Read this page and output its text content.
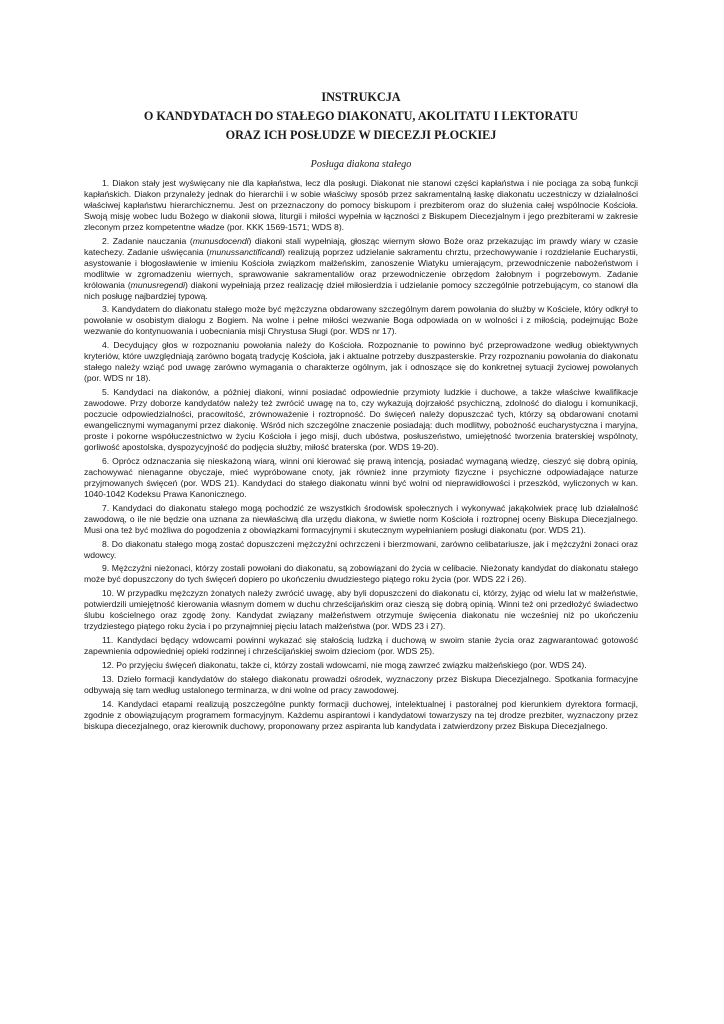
INSTRUKCJA
O KANDYDATACH DO STAŁEGO DIAKONATU, AKOLITATU I LEKTORATU
ORAZ ICH POSŁUDZE W DIECEZJI PŁOCKIEJ
Posługa diakona stałego

1. Diakon stały jest wyświęcany nie dla kapłaństwa, lecz dla posługi. Diakonat nie stanowi części kapłaństwa i nie pociąga za sobą funkcji kapłańskich. Diakon przynależy jednak do hierarchii i w sobie właściwy sposób przez sakramentalną łaskę diakonatu uczestniczy w działalności właściwej kapłaństwu hierarchicznemu. Jest on przeznaczony do pomocy biskupom i prezbiterom oraz do służenia całej wspólnocie Kościoła. Swoją misję wobec ludu Bożego w diakonii słowa, liturgii i miłości wypełnia w łączności z Biskupem Diecezjalnym i jego prezbiterami w zakresie zleconym przez kompetentne władze (por. KKK 1569-1571; WDS 8).

2. Zadanie nauczania (munusdocendi) diakoni stali wypełniają, głosząc wiernym słowo Boże oraz przekazując im prawdy wiary w czasie katechezy. Zadanie uświęcania (munussanctificandi) realizują poprzez udzielanie sakramentu chrztu, przechowywanie i rozdzielanie Eucharystii, asystowanie i błogosławienie w imieniu Kościoła związkom małżeńskim, zanoszenie Wiatyku umierającym, przewodniczenie nabożeństwom i modlitwie w zgromadzeniu wiernych, sprawowanie sakramentaliów oraz przewodniczenie obrzędom żałobnym i pogrzebowym. Zadanie królowania (munusregendi) diakoni wypełniają przez realizację dzieł miłosierdzia i udzielanie pomocy szczególnie potrzebującym, co stanowi dla nich posługę najbardziej typową.

3. Kandydatem do diakonatu stałego może być mężczyzna obdarowany szczególnym darem powołania do służby w Kościele, który odkrył to powołanie w osobistym dialogu z Bogiem. Na wolne i pełne miłości wezwanie Boga odpowiada on w wolności i z miłością, podejmując Boże wezwanie do kontynuowania i uobecniania misji Chrystusa Sługi (por. WDS nr 17).

4. Decydujący głos w rozpoznaniu powołania należy do Kościoła. Rozpoznanie to powinno być przeprowadzone według obiektywnych kryteriów, które uwzględniają zarówno bogatą tradycję Kościoła, jak i aktualne potrzeby duszpasterskie. Przy rozpoznaniu powołania do diakonatu stałego należy wziąć pod uwagę zarówno wymagania o charakterze ogólnym, jak i odnoszące się do konkretnej sytuacji życiowej powołanych (por. WDS nr 18).

5. Kandydaci na diakonów, a później diakoni, winni posiadać odpowiednie przymioty ludzkie i duchowe, a także właściwe kwalifikacje zawodowe. Przy doborze kandydatów należy też zwrócić uwagę na to, czy wykazują dojrzałość psychiczną, zdolność do dialogu i komunikacji, poczucie odpowiedzialności, pracowitość, zrównoważenie i roztropność. Do święceń należy dopuszczać tych, którzy są obdarowani cnotami ewangelicznymi wymaganymi przez diakonię. Wśród nich szczególne znaczenie posiadają: duch modlitwy, pobożność eucharystyczna i maryjna, proste i pokorne współuczestnictwo w życiu Kościoła i jego misji, duch ubóstwa, posłuszeństwo, umiejętność tworzenia braterskiej wspólnoty, gorliwość apostolska, dyspozycyjność do podjęcia służby, miłość braterska (por. WDS 19-20).

6. Oprócz odznaczania się nieskażoną wiarą, winni oni kierować się prawą intencją, posiadać wymaganą wiedzę, cieszyć się dobrą opinią, zachowywać nienaganne obyczaje, mieć wypróbowane cnoty, jak również inne przymioty fizyczne i psychiczne odpowiadające naturze przyjmowanych święceń (por. WDS 21). Kandydaci do stałego diakonatu winni być wolni od nieprawidłowości i przeszkód, wyliczonych w kan. 1040-1042 Kodeksu Prawa Kanonicznego.

7. Kandydaci do diakonatu stałego mogą pochodzić ze wszystkich środowisk społecznych i wykonywać jakąkolwiek pracę lub działalność zawodową, o ile nie będzie ona uznana za niewłaściwą dla urzędu diakona, w świetle norm Kościoła i roztropnej oceny Biskupa Diecezjalnego. Musi ona też być możliwa do pogodzenia z obowiązkami formacyjnymi i skutecznym wypełnianiem posługi diakonatu (por. WDS 21).

8. Do diakonatu stałego mogą zostać dopuszczeni mężczyźni ochrzczeni i bierzmowani, zarówno celibatariusze, jak i mężczyźni żonaci oraz wdowcy.

9. Mężczyźni nieżonaci, którzy zostali powołani do diakonatu, są zobowiązani do życia w celibacie. Nieżonaty kandydat do diakonatu stałego może być dopuszczony do tych święceń dopiero po ukończeniu dwudziestego piątego roku życia (por. WDS 22 i 26).

10. W przypadku mężczyzn żonatych należy zwrócić uwagę, aby byli dopuszczeni do diakonatu ci, którzy, żyjąc od wielu lat w małżeństwie, potwierdzili umiejętność kierowania własnym domem w duchu chrześcijańskim oraz cieszą się dobrą opinią. Winni też oni przedłożyć świadectwo ślubu kościelnego oraz zgodę żony. Kandydat związany małżeństwem otrzymuje święcenia diakonatu nie wcześniej niż po ukończeniu trzydziestego piątego roku życia i po przynajmniej pięciu latach małżeństwa (por. WDS 23 i 27).

11. Kandydaci będący wdowcami powinni wykazać się stałością ludzką i duchową w swoim stanie życia oraz zagwarantować gotowość zapewnienia odpowiedniej opieki rodzinnej i chrześcijańskiej swoim dzieciom (por. WDS 25).

12. Po przyjęciu święceń diakonatu, także ci, którzy zostali wdowcami, nie mogą zawrzeć związku małżeńskiego (por. WDS 24).

13. Dzieło formacji kandydatów do stałego diakonatu prowadzi ośrodek, wyznaczony przez Biskupa Diecezjalnego. Spotkania formacyjne odbywają się tam według ustalonego terminarza, w dni wolne od pracy zawodowej.

14. Kandydaci etapami realizują poszczególne punkty formacji duchowej, intelektualnej i pastoralnej pod kierunkiem dyrektora formacji, zgodnie z obowiązującym programem formacyjnym. Każdemu aspirantowi i kandydatowi towarzyszy na tej drodze prezbiter, wyznaczony przez biskupa diecezjalnego, oraz kierownik duchowy, proponowany przez aspiranta lub kandydata i zatwierdzony przez Biskupa Diecezjalnego.
